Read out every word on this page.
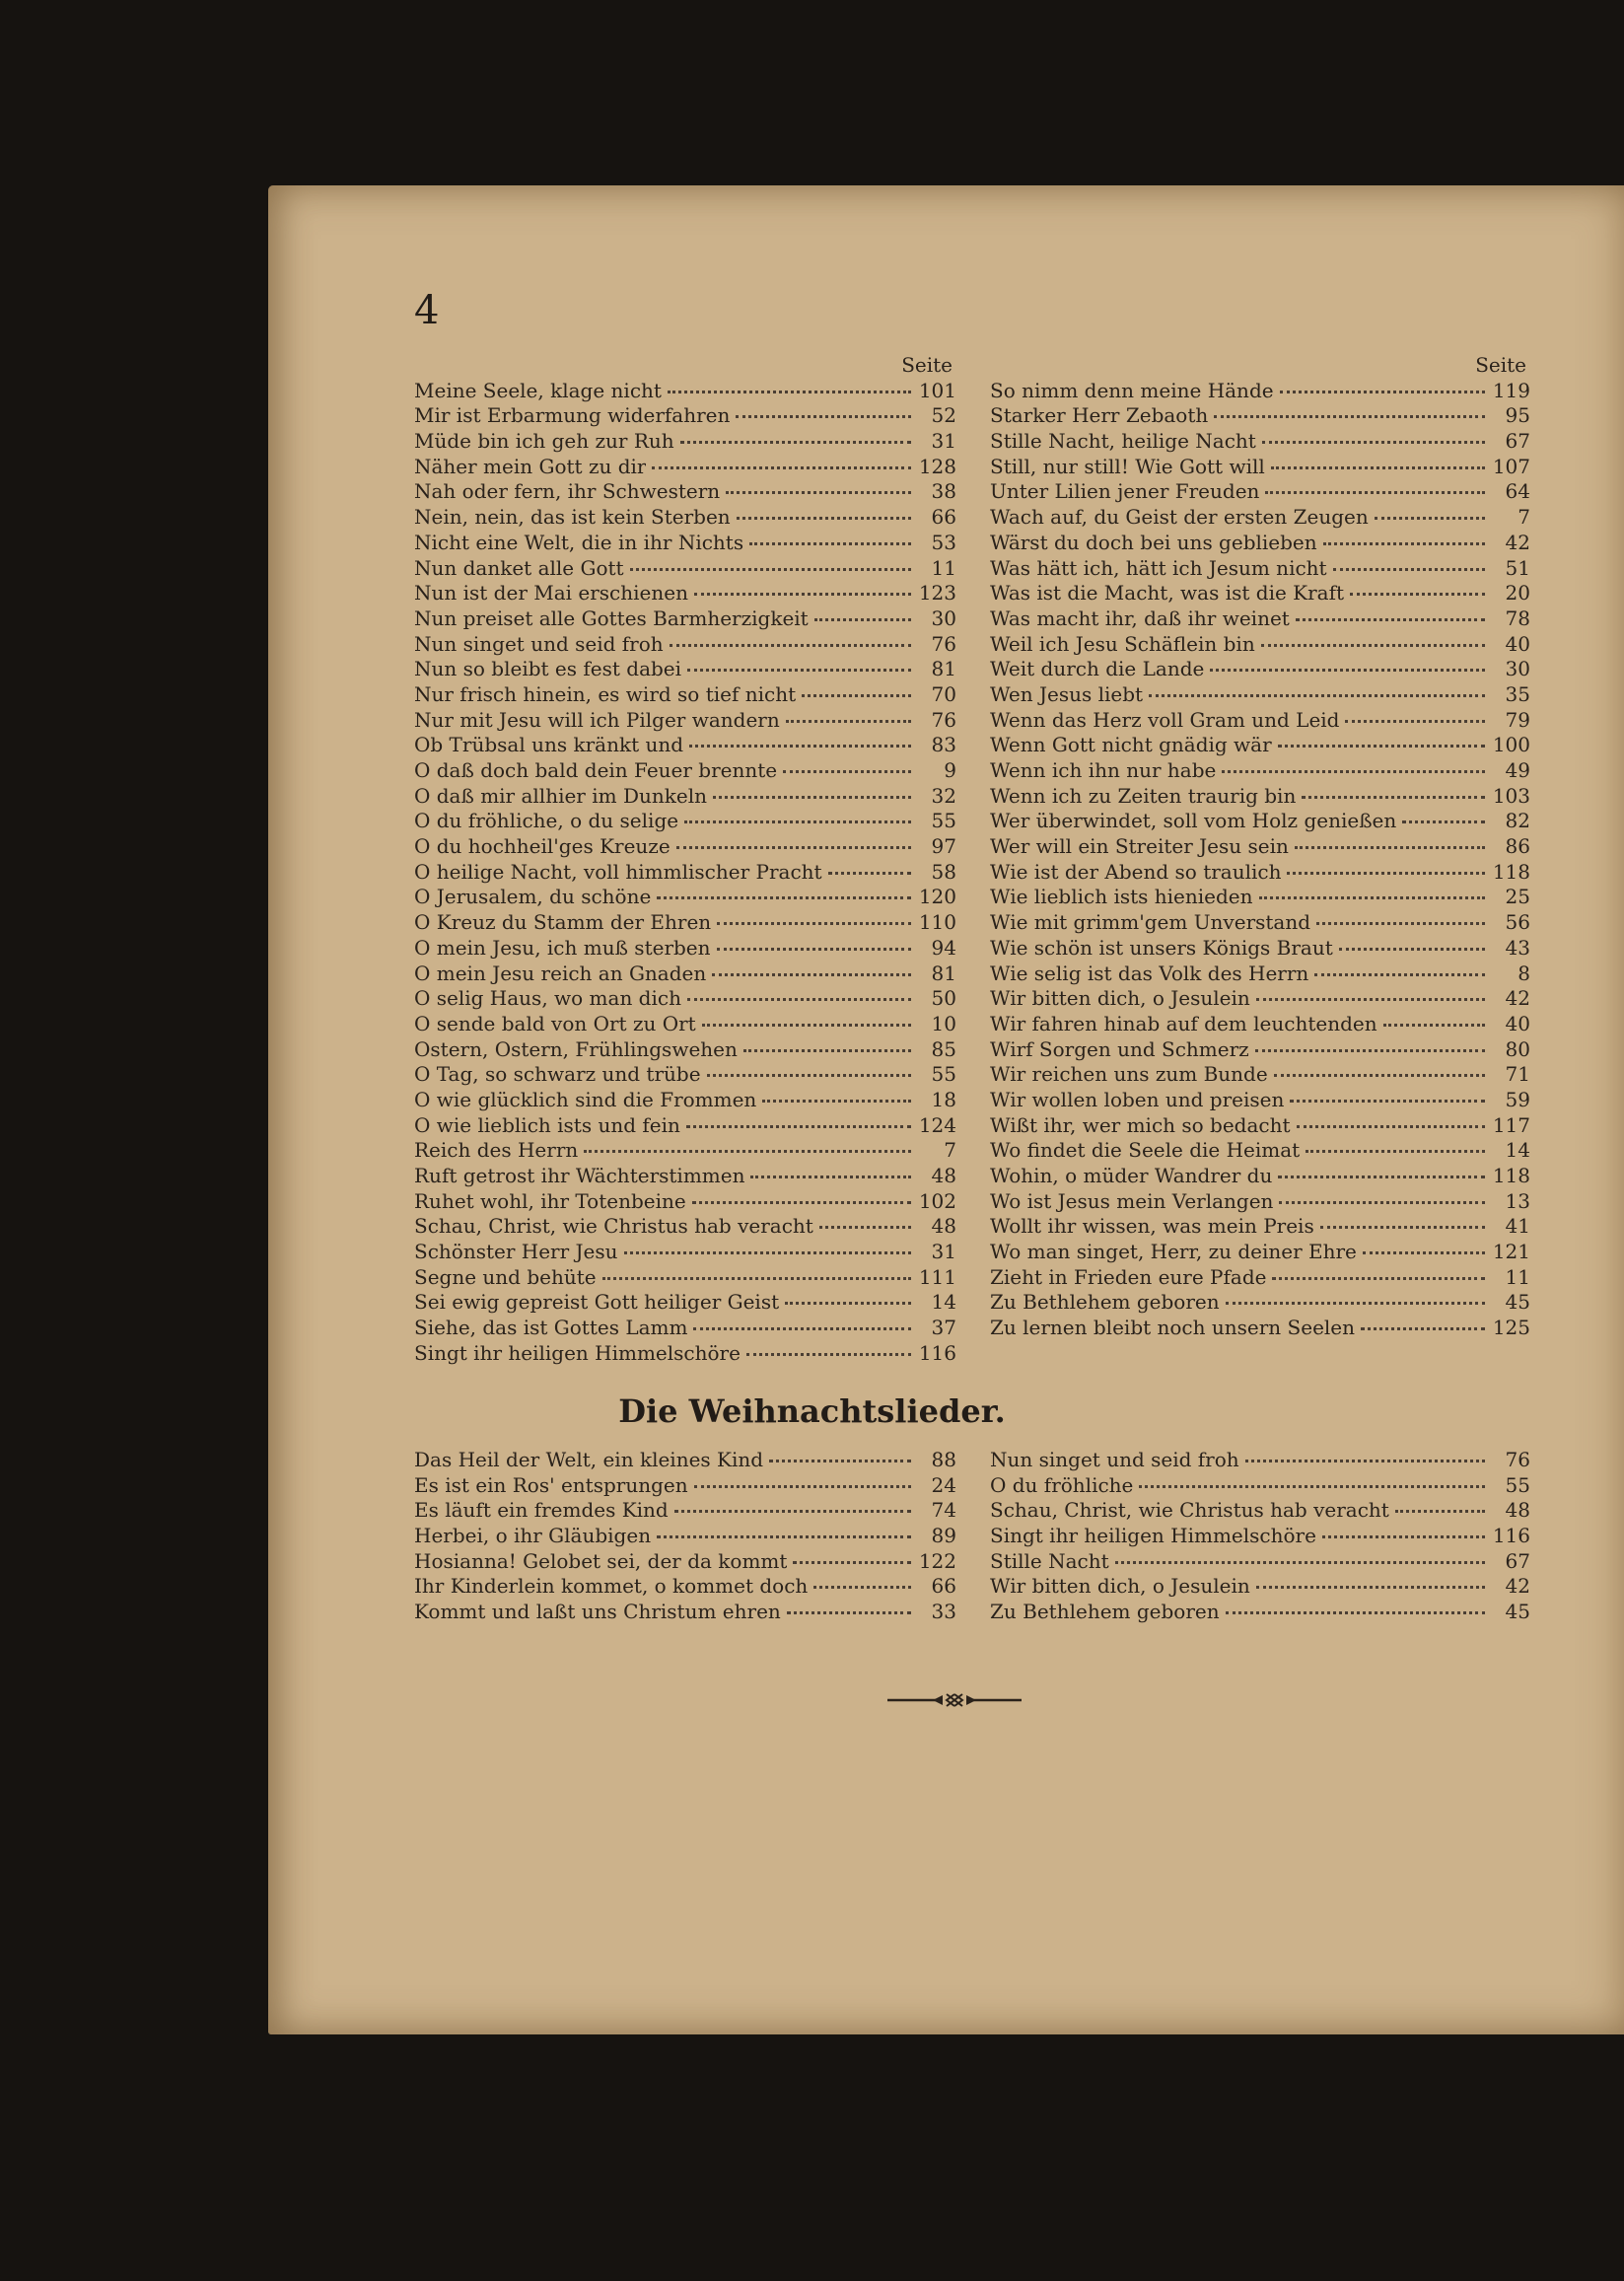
4
Seite
Meine Seele, klage nicht	101
Mir ist Erbarmung widerfahren	52
Müde bin ich geh zur Ruh	31
Näher mein Gott zu dir	128
Nah oder fern, ihr Schwestern	38
Nein, nein, das ist kein Sterben	66
Nicht eine Welt, die in ihr Nichts	53
Nun danket alle Gott	11
Nun ist der Mai erschienen	123
Nun preiset alle Gottes Barmherzigkeit	30
Nun singet und seid froh	76
Nun so bleibt es fest dabei	81
Nur frisch hinein, es wird so tief nicht	70
Nur mit Jesu will ich Pilger wandern	76
Ob Trübsal uns kränkt und	83
O daß doch bald dein Feuer brennte	9
O daß mir allhier im Dunkeln	32
O du fröhliche, o du selige	55
O du hochheil'ges Kreuze	97
O heilige Nacht, voll himmlischer Pracht	58
O Jerusalem, du schöne	120
O Kreuz du Stamm der Ehren	110
O mein Jesu, ich muß sterben	94
O mein Jesu reich an Gnaden	81
O selig Haus, wo man dich	50
O sende bald von Ort zu Ort	10
Ostern, Ostern, Frühlingswehen	85
O Tag, so schwarz und trübe	55
O wie glücklich sind die Frommen	18
O wie lieblich ists und fein	124
Reich des Herrn	7
Ruft getrost ihr Wächterstimmen	48
Ruhet wohl, ihr Totenbeine	102
Schau, Christ, wie Christus hab veracht	48
Schönster Herr Jesu	31
Segne und behüte	111
Sei ewig gepreist Gott heiliger Geist	14
Siehe, das ist Gottes Lamm	37
Singt ihr heiligen Himmelschöre	116
Seite
So nimm denn meine Hände	119
Starker Herr Zebaoth	95
Stille Nacht, heilige Nacht	67
Still, nur still! Wie Gott will	107
Unter Lilien jener Freuden	64
Wach auf, du Geist der ersten Zeugen	7
Wärst du doch bei uns geblieben	42
Was hätt ich, hätt ich Jesum nicht	51
Was ist die Macht, was ist die Kraft	20
Was macht ihr, daß ihr weinet	78
Weil ich Jesu Schäflein bin	40
Weit durch die Lande	30
Wen Jesus liebt	35
Wenn das Herz voll Gram und Leid	79
Wenn Gott nicht gnädig wär	100
Wenn ich ihn nur habe	49
Wenn ich zu Zeiten traurig bin	103
Wer überwindet, soll vom Holz genießen	82
Wer will ein Streiter Jesu sein	86
Wie ist der Abend so traulich	118
Wie lieblich ists hienieden	25
Wie mit grimm'gem Unverstand	56
Wie schön ist unsers Königs Braut	43
Wie selig ist das Volk des Herrn	8
Wir bitten dich, o Jesulein	42
Wir fahren hinab auf dem leuchtenden	40
Wirf Sorgen und Schmerz	80
Wir reichen uns zum Bunde	71
Wir wollen loben und preisen	59
Wißt ihr, wer mich so bedacht	117
Wo findet die Seele die Heimat	14
Wohin, o müder Wandrer du	118
Wo ist Jesus mein Verlangen	13
Wollt ihr wissen, was mein Preis	41
Wo man singet, Herr, zu deiner Ehre	121
Zieht in Frieden eure Pfade	11
Zu Bethlehem geboren	45
Zu lernen bleibt noch unsern Seelen	125
Die Weihnachtslieder.
Das Heil der Welt, ein kleines Kind	88
Es ist ein Ros' entsprungen	24
Es läuft ein fremdes Kind	74
Herbei, o ihr Gläubigen	89
Hosianna! Gelobet sei, der da kommt	122
Ihr Kinderlein kommet, o kommet doch	66
Kommt und laßt uns Christum ehren	33
Nun singet und seid froh	76
O du fröhliche	55
Schau, Christ, wie Christus hab veracht	48
Singt ihr heiligen Himmelschöre	116
Stille Nacht	67
Wir bitten dich, o Jesulein	42
Zu Bethlehem geboren	45
